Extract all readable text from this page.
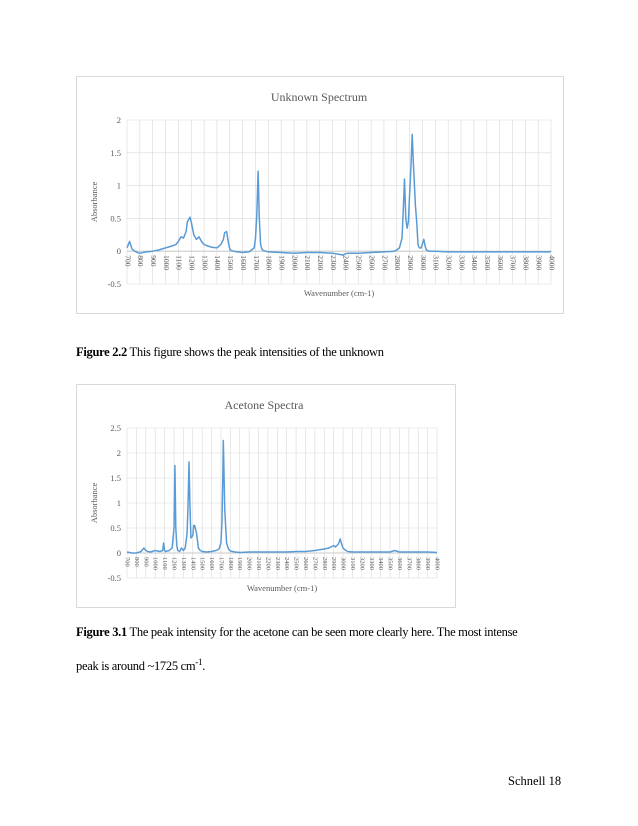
Unknown Spectrum
-0.5
0
0.5
1
1.5
2
700 800 900 1000 1100 1200 1300 1400 1500 1600 1700 1800 1900 2000 2100 2200 2300 2400 2500 2600 2700 2800 2900 3000 3100 3200 3300 3400 3500 3600 3700 3800 3900 4000
Wavenumber (cm-1)
Absorbance
Figure 2.2 This figure shows the peak intensities of the unknown
Acetone Spectra
-0.5
0
0.5
1
1.5
2
2.5
700 800 900 1000 1100 1200 1300 1400 1500 1600 1700 1800 1900 2000 2100 2200 2300 2400 2500 2600 2700 2800 2900 3000 3100 3200 3300 3400 3500 3600 3700 3800 3900 4000
Wavenumber (cm-1)
Absorbance
Figure 3.1 The peak intensity for the acetone can be seen more clearly here. The most intense
peak is around ~1725 $cm^{-1}$.
Schnell 18
